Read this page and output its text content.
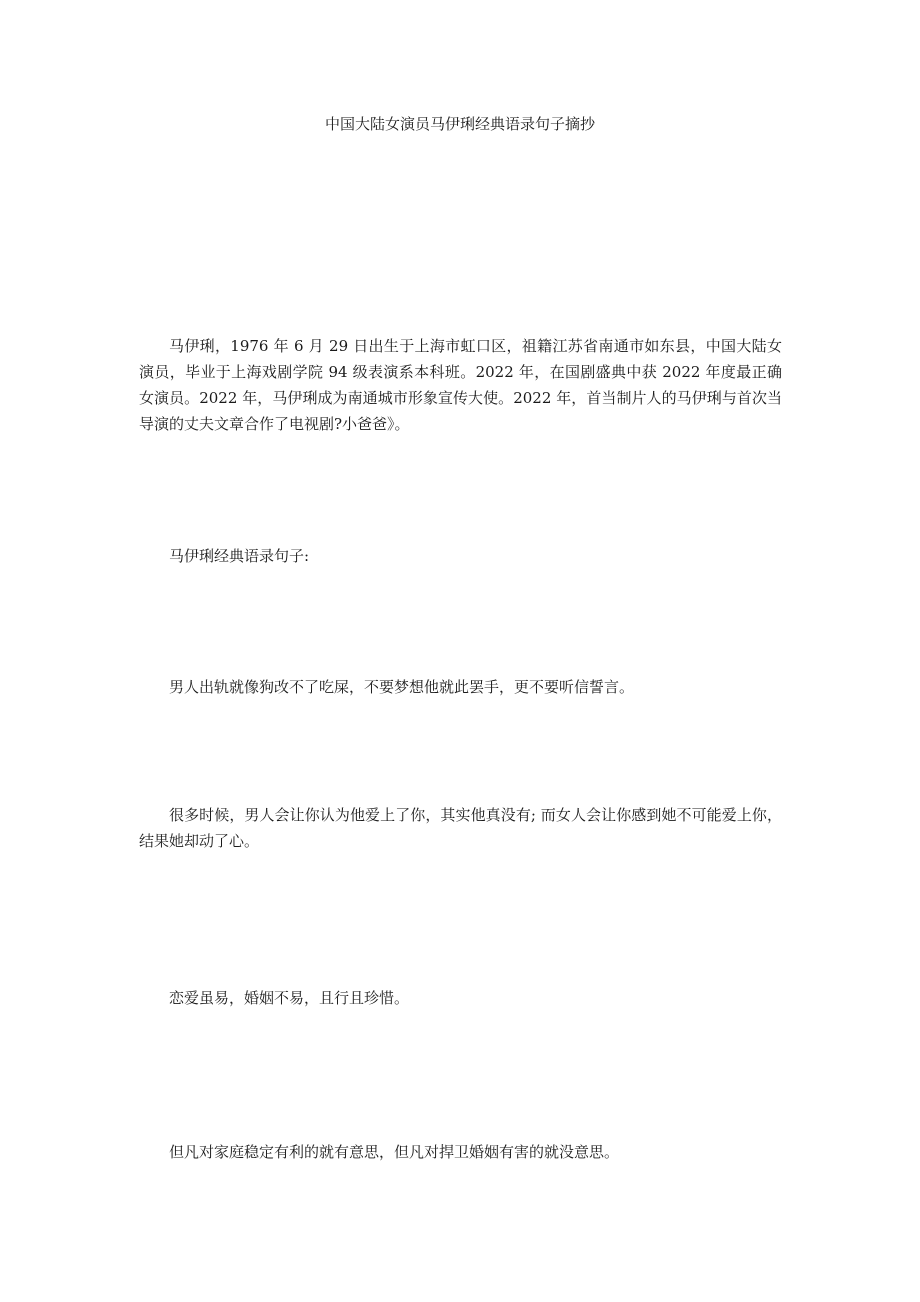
中国大陆女演员马伊琍经典语录句子摘抄

马伊琍，1976 年 6 月 29 日出生于上海市虹口区，祖籍江苏省南通市如东县，中国大陆女演员，毕业于上海戏剧学院 94 级表演系本科班。2022 年，在国剧盛典中获 2022 年度最正确女演员。2022 年，马伊琍成为南通城市形象宣传大使。2022 年，首当制片人的马伊琍与首次当导演的丈夫文章合作了电视剧?小爸爸》。

马伊琍经典语录句子:

男人出轨就像狗改不了吃屎，不要梦想他就此罢手，更不要听信誓言。

很多时候，男人会让你认为他爱上了你，其实他真没有; 而女人会让你感到她不可能爱上你，结果她却动了心。

恋爱虽易，婚姻不易，且行且珍惜。

但凡对家庭稳定有利的就有意思，但凡对捍卫婚姻有害的就没意思。
